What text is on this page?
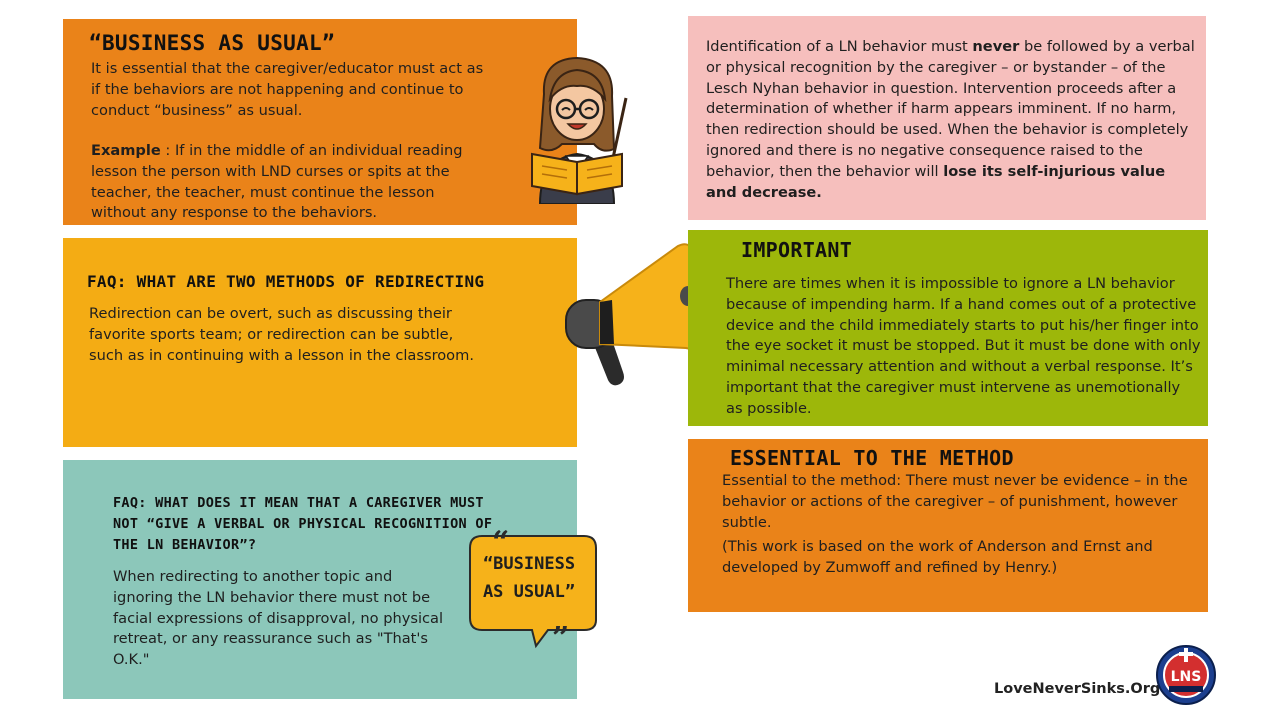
“BUSINESS AS USUAL”
It is essential that the caregiver/educator must act as if the behaviors are not happening and continue to conduct “business” as usual.
Example : If in the middle of an individual reading lesson the person with LND curses or spits at the teacher, the teacher, must continue the lesson without any response to the behaviors.
FAQ: WHAT ARE TWO METHODS OF REDIRECTING
Redirection can be overt, such as discussing their favorite sports team; or redirection can be subtle, such as in continuing with a lesson in the classroom.
FAQ: WHAT DOES IT MEAN THAT A CAREGIVER MUST NOT “GIVE A VERBAL OR PHYSICAL RECOGNITION OF THE LN BEHAVIOR”?
When redirecting to another topic and ignoring the LN behavior there must not be facial expressions of disapproval, no physical retreat, or any reassurance such as "That's O.K."
“
”
“BUSINESS
AS USUAL”
Identification of a LN behavior must never be followed by a verbal or physical recognition by the caregiver – or bystander – of the Lesch Nyhan behavior in question. Intervention proceeds after a determination of whether if harm appears imminent. If no harm, then redirection should be used. When the behavior is completely ignored and there is no negative consequence raised to the behavior, then the behavior will lose its self-injurious value and decrease.
IMPORTANT
There are times when it is impossible to ignore a LN behavior because of impending harm. If a hand comes out of a protective device and the child immediately starts to put his/her finger into the eye socket it must be stopped. But it must be done with only minimal necessary attention and without a verbal response. It’s important that the caregiver must intervene as unemotionally as possible.
ESSENTIAL TO THE METHOD
Essential to the method: There must never be evidence – in the behavior or actions of the caregiver – of punishment, however subtle.
(This work is based on the work of Anderson and Ernst and developed by Zumwoff and refined by Henry.)
LoveNeverSinks.Org
LNS
